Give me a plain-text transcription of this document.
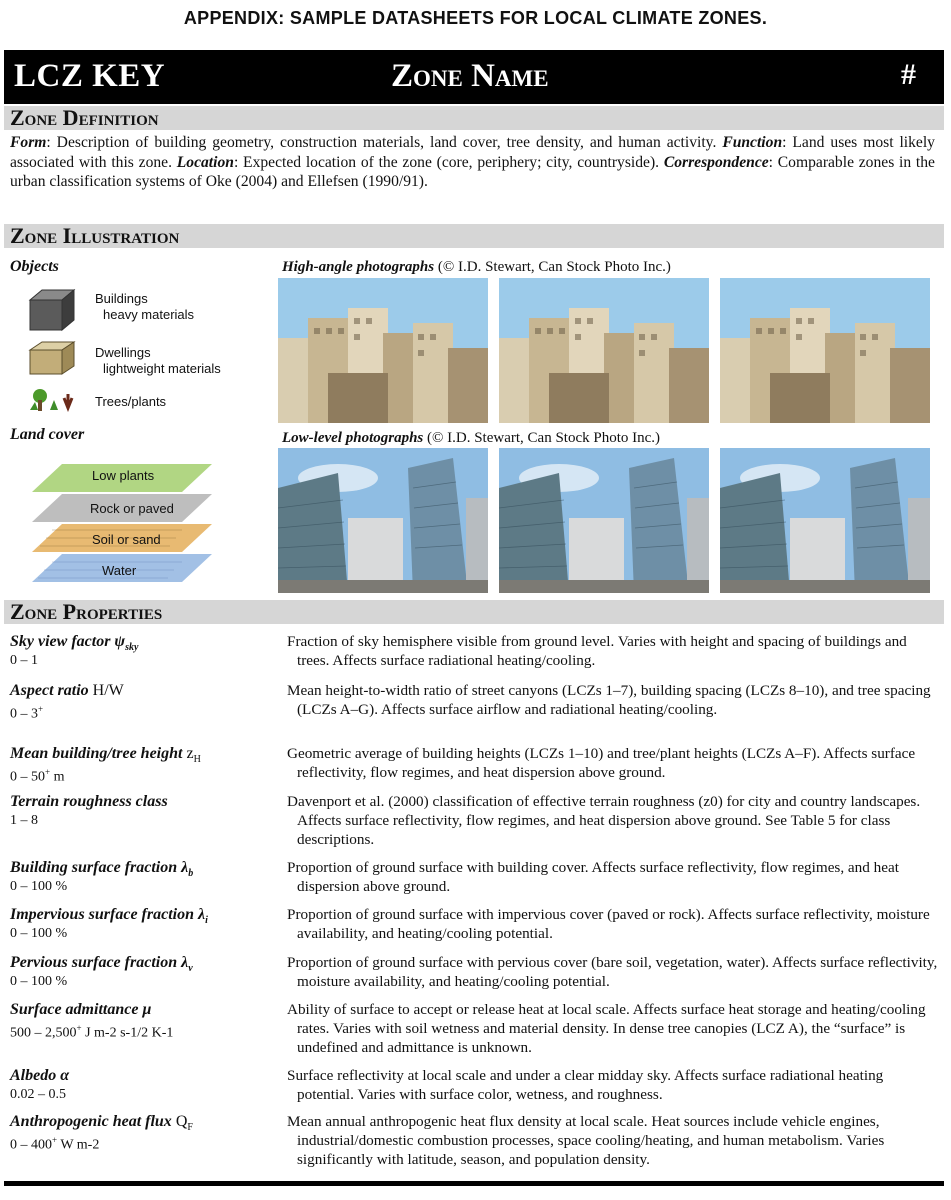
APPENDIX: SAMPLE DATASHEETS FOR LOCAL CLIMATE ZONES.
LCZ KEY	Zone Name	#
Zone Definition
Form: Description of building geometry, construction materials, land cover, tree density, and human activity. Function: Land uses most likely associated with this zone. Location: Expected location of the zone (core, periphery; city, countryside). Correspondence: Comparable zones in the urban classification systems of Oke (2004) and Ellefsen (1990/91).
Zone Illustration
Objects
Buildings
heavy materials
Dwellings
lightweight materials
Trees/plants
Land cover
Low plants
Rock or paved
Soil or sand
Water
High-angle photographs (© I.D. Stewart, Can Stock Photo Inc.)
Low-level photographs (© I.D. Stewart, Can Stock Photo Inc.)
Zone Properties
Sky view factor $\psi_{sky}$
0 – 1
Fraction of sky hemisphere visible from ground level. Varies with height and spacing of buildings and trees. Affects surface radiational heating/cooling.
Aspect ratio H/W
0 – 3+
Mean height-to-width ratio of street canyons (LCZs 1–7), building spacing (LCZs 8–10), and tree spacing (LCZs A–G). Affects surface airflow and radiational heating/cooling.
Mean building/tree height $z_H$
0 – 50+ m
Geometric average of building heights (LCZs 1–10) and tree/plant heights (LCZs A–F). Affects surface reflectivity, flow regimes, and heat dispersion above ground.
Terrain roughness class
1 – 8
Davenport et al. (2000) classification of effective terrain roughness (z0) for city and country landscapes. Affects surface reflectivity, flow regimes, and heat dispersion above ground. See Table 5 for class descriptions.
Building surface fraction $\lambda_b$
0 – 100 %
Proportion of ground surface with building cover. Affects surface reflectivity, flow regimes, and heat dispersion above ground.
Impervious surface fraction $\lambda_i$
0 – 100 %
Proportion of ground surface with impervious cover (paved or rock). Affects surface reflectivity, moisture availability, and heating/cooling potential.
Pervious surface fraction $\lambda_v$
0 – 100 %
Proportion of ground surface with pervious cover (bare soil, vegetation, water). Affects surface reflectivity, moisture availability, and heating/cooling potential.
Surface admittance μ
500 – 2,500+ J m-2 s-1/2 K-1
Ability of surface to accept or release heat at local scale. Affects surface heat storage and heating/cooling rates. Varies with soil wetness and material density. In dense tree canopies (LCZ A), the “surface” is undefined and admittance is unknown.
Albedo α
0.02 – 0.5
Surface reflectivity at local scale and under a clear midday sky. Affects surface radiational heating potential. Varies with surface color, wetness, and roughness.
Anthropogenic heat flux $Q_F$
0 – 400+ W m-2
Mean annual anthropogenic heat flux density at local scale. Heat sources include vehicle engines, industrial/domestic combustion processes, space cooling/heating, and human metabolism. Varies significantly with latitude, season, and population density.
